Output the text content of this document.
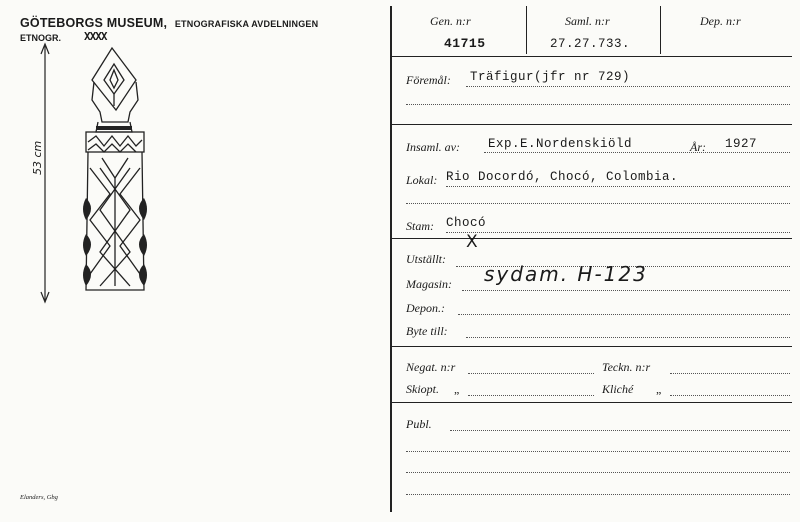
GÖTEBORGS MUSEUM, ETNOGRAFISKA AVDELNINGEN
ETNOGR. XXXX
53 cm
Elanders, Gbg
Gen. n:r
41715
Saml. n:r
27.27.733.
Dep. n:r
Föremål: Träfigur(jfr nr 729)
Insaml. av: Exp.E.Nordenskiöld	År: 1927
Lokal: Rio Docordó, Chocó, Colombia.
Stam: Chocó
Utställt:
X
Magasin: sydam. H-123
Depon.:
Byte till:
Negat. n:r	Teckn. n:r
Skiopt. „	Kliché „
Publ.
